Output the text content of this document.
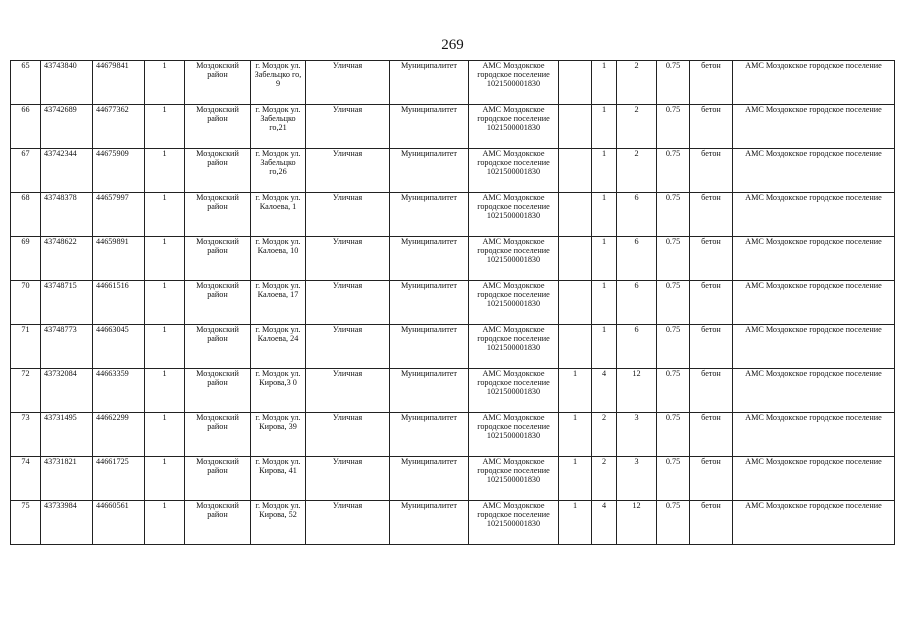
269
65	43743840	44679841	1	Моздокский район	г. Моздок ул. Забельцко го, 9	Уличная	Муниципалитет	АМС Моздокское городское поселение 1021500001830		1	2	0.75	бетон	АМС Моздокское городское поселение
66	43742689	44677362	1	Моздокский район	г. Моздок ул. Забельцко го,21	Уличная	Муниципалитет	АМС Моздокское городское поселение 1021500001830		1	2	0.75	бетон	АМС Моздокское городское поселение
67	43742344	44675909	1	Моздокский район	г. Моздок ул. Забельцко го,26	Уличная	Муниципалитет	АМС Моздокское городское поселение 1021500001830		1	2	0.75	бетон	АМС Моздокское городское поселение
68	43748378	44657997	1	Моздокский район	г. Моздок ул. Калоева, 1	Уличная	Муниципалитет	АМС Моздокское городское поселение 1021500001830		1	6	0.75	бетон	АМС Моздокское городское поселение
69	43748622	44659891	1	Моздокский район	г. Моздок ул. Калоева, 10	Уличная	Муниципалитет	АМС Моздокское городское поселение 1021500001830		1	6	0.75	бетон	АМС Моздокское городское поселение
70	43748715	44661516	1	Моздокский район	г. Моздок ул. Калоева, 17	Уличная	Муниципалитет	АМС Моздокское городское поселение 1021500001830		1	6	0.75	бетон	АМС Моздокское городское поселение
71	43748773	44663045	1	Моздокский район	г. Моздок ул. Калоева, 24	Уличная	Муниципалитет	АМС Моздокское городское поселение 1021500001830		1	6	0.75	бетон	АМС Моздокское городское поселение
72	43732084	44663359	1	Моздокский район	г. Моздок ул. Кирова,3 0	Уличная	Муниципалитет	АМС Моздокское городское поселение 1021500001830	1	4	12	0.75	бетон	АМС Моздокское городское поселение
73	43731495	44662299	1	Моздокский район	г. Моздок ул. Кирова, 39	Уличная	Муниципалитет	АМС Моздокское городское поселение 1021500001830	1	2	3	0.75	бетон	АМС Моздокское городское поселение
74	43731821	44661725	1	Моздокский район	г. Моздок ул. Кирова, 41	Уличная	Муниципалитет	АМС Моздокское городское поселение 1021500001830	1	2	3	0.75	бетон	АМС Моздокское городское поселение
75	43733984	44660561	1	Моздокский район	г. Моздок ул. Кирова, 52	Уличная	Муниципалитет	АМС Моздокское городское поселение 1021500001830	1	4	12	0.75	бетон	АМС Моздокское городское поселение
